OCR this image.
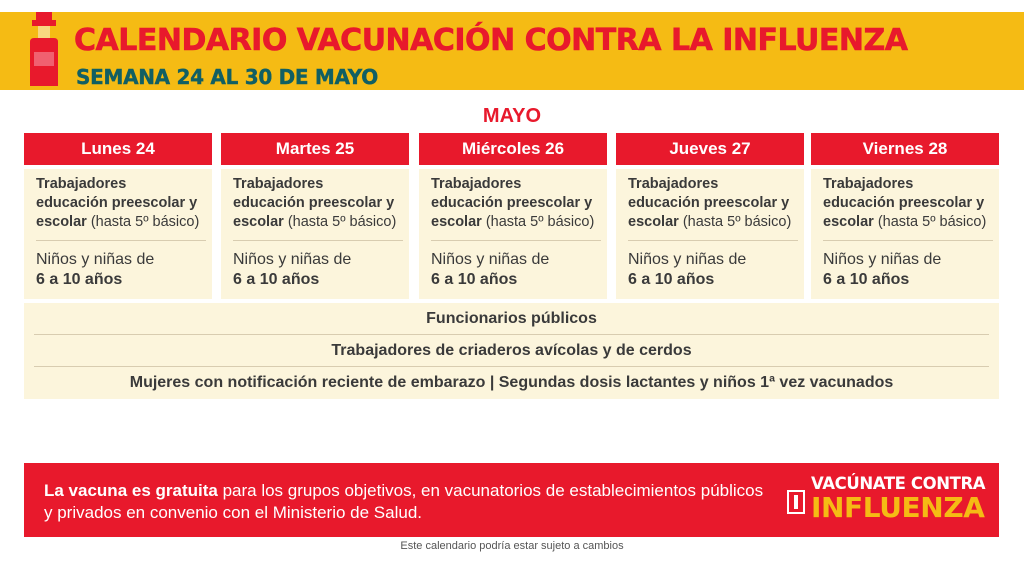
CALENDARIO VACUNACIÓN CONTRA LA INFLUENZA
SEMANA 24 AL 30 DE MAYO
MAYO
Lunes 24
Trabajadores
educación preescolar y
escolar (hasta 5º básico)
Niños y niñas de
6 a 10 años
Martes 25
Trabajadores
educación preescolar y
escolar (hasta 5º básico)
Niños y niñas de
6 a 10 años
Miércoles 26
Trabajadores
educación preescolar y
escolar (hasta 5º básico)
Niños y niñas de
6 a 10 años
Jueves 27
Trabajadores
educación preescolar y
escolar (hasta 5º básico)
Niños y niñas de
6 a 10 años
Viernes 28
Trabajadores
educación preescolar y
escolar (hasta 5º básico)
Niños y niñas de
6 a 10 años
Funcionarios públicos
Trabajadores de criaderos avícolas y de cerdos
Mujeres con notificación reciente de embarazo | Segundas dosis lactantes y niños 1ª vez vacunados
La vacuna es gratuita para los grupos objetivos, en vacunatorios de establecimientos públicos y privados en convenio con el Ministerio de Salud.
VACÚNATE CONTRA
INFLUENZA
Este calendario podría estar sujeto a cambios
